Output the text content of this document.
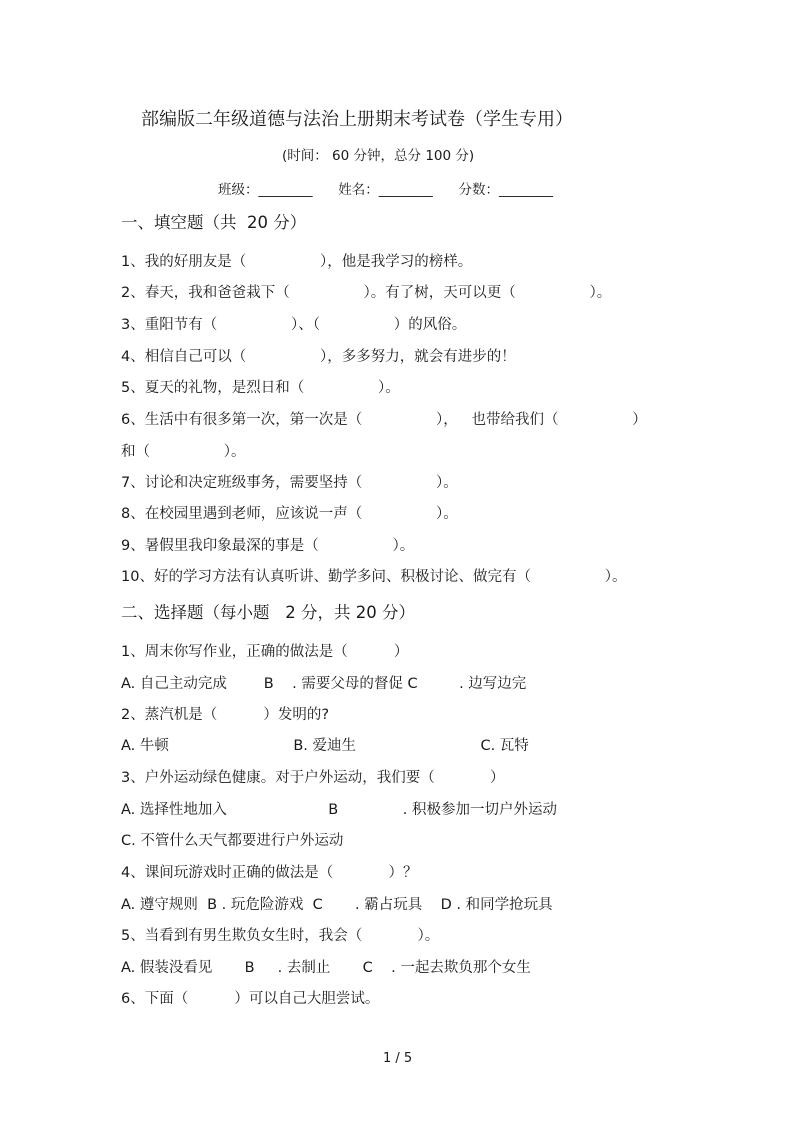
部编版二年级道德与法治上册期末考试卷（学生专用）
(时间： 60 分钟，总分 100 分)
班级：________      姓名：________      分数：________
一、填空题（共  20 分）
1、我的好朋友是（                ），他是我学习的榜样。
2、春天，我和爸爸栽下（                ）。有了树，天可以更（                ）。
3、重阳节有（                ）、（                ）的风俗。
4、相信自己可以（                ），多多努力，就会有进步的！
5、夏天的礼物，是烈日和（                ）。
6、生活中有很多第一次，第一次是（                ），   也带给我们（                ）
和（                ）。
7、讨论和决定班级事务，需要坚持（                ）。
8、在校园里遇到老师，应该说一声（                ）。
9、暑假里我印象最深的事是（                ）。
10、好的学习方法有认真听讲、勤学多问、积极讨论、做完有（                ）。
二、选择题（每小题   2 分，共 20 分）
1、周末你写作业，正确的做法是（          ）
A. 自己主动完成        B    . 需要父母的督促 C         . 边写边完
2、蒸汽机是（          ）发明的?
A. 牛顿                           B. 爱迪生                           C. 瓦特
3、户外运动绿色健康。对于户外运动，我们要（            ）
A. 选择性地加入                      B              . 积极参加一切户外运动
C. 不管什么天气都要进行户外运动
4、课间玩游戏时正确的做法是（            ）？
A. 遵守规则  B . 玩危险游戏  C       . 霸占玩具    D . 和同学抢玩具
5、当看到有男生欺负女生时，我会（            ）。
A. 假装没看见       B     . 去制止       C    . 一起去欺负那个女生
6、下面（          ）可以自己大胆尝试。
1 / 5
